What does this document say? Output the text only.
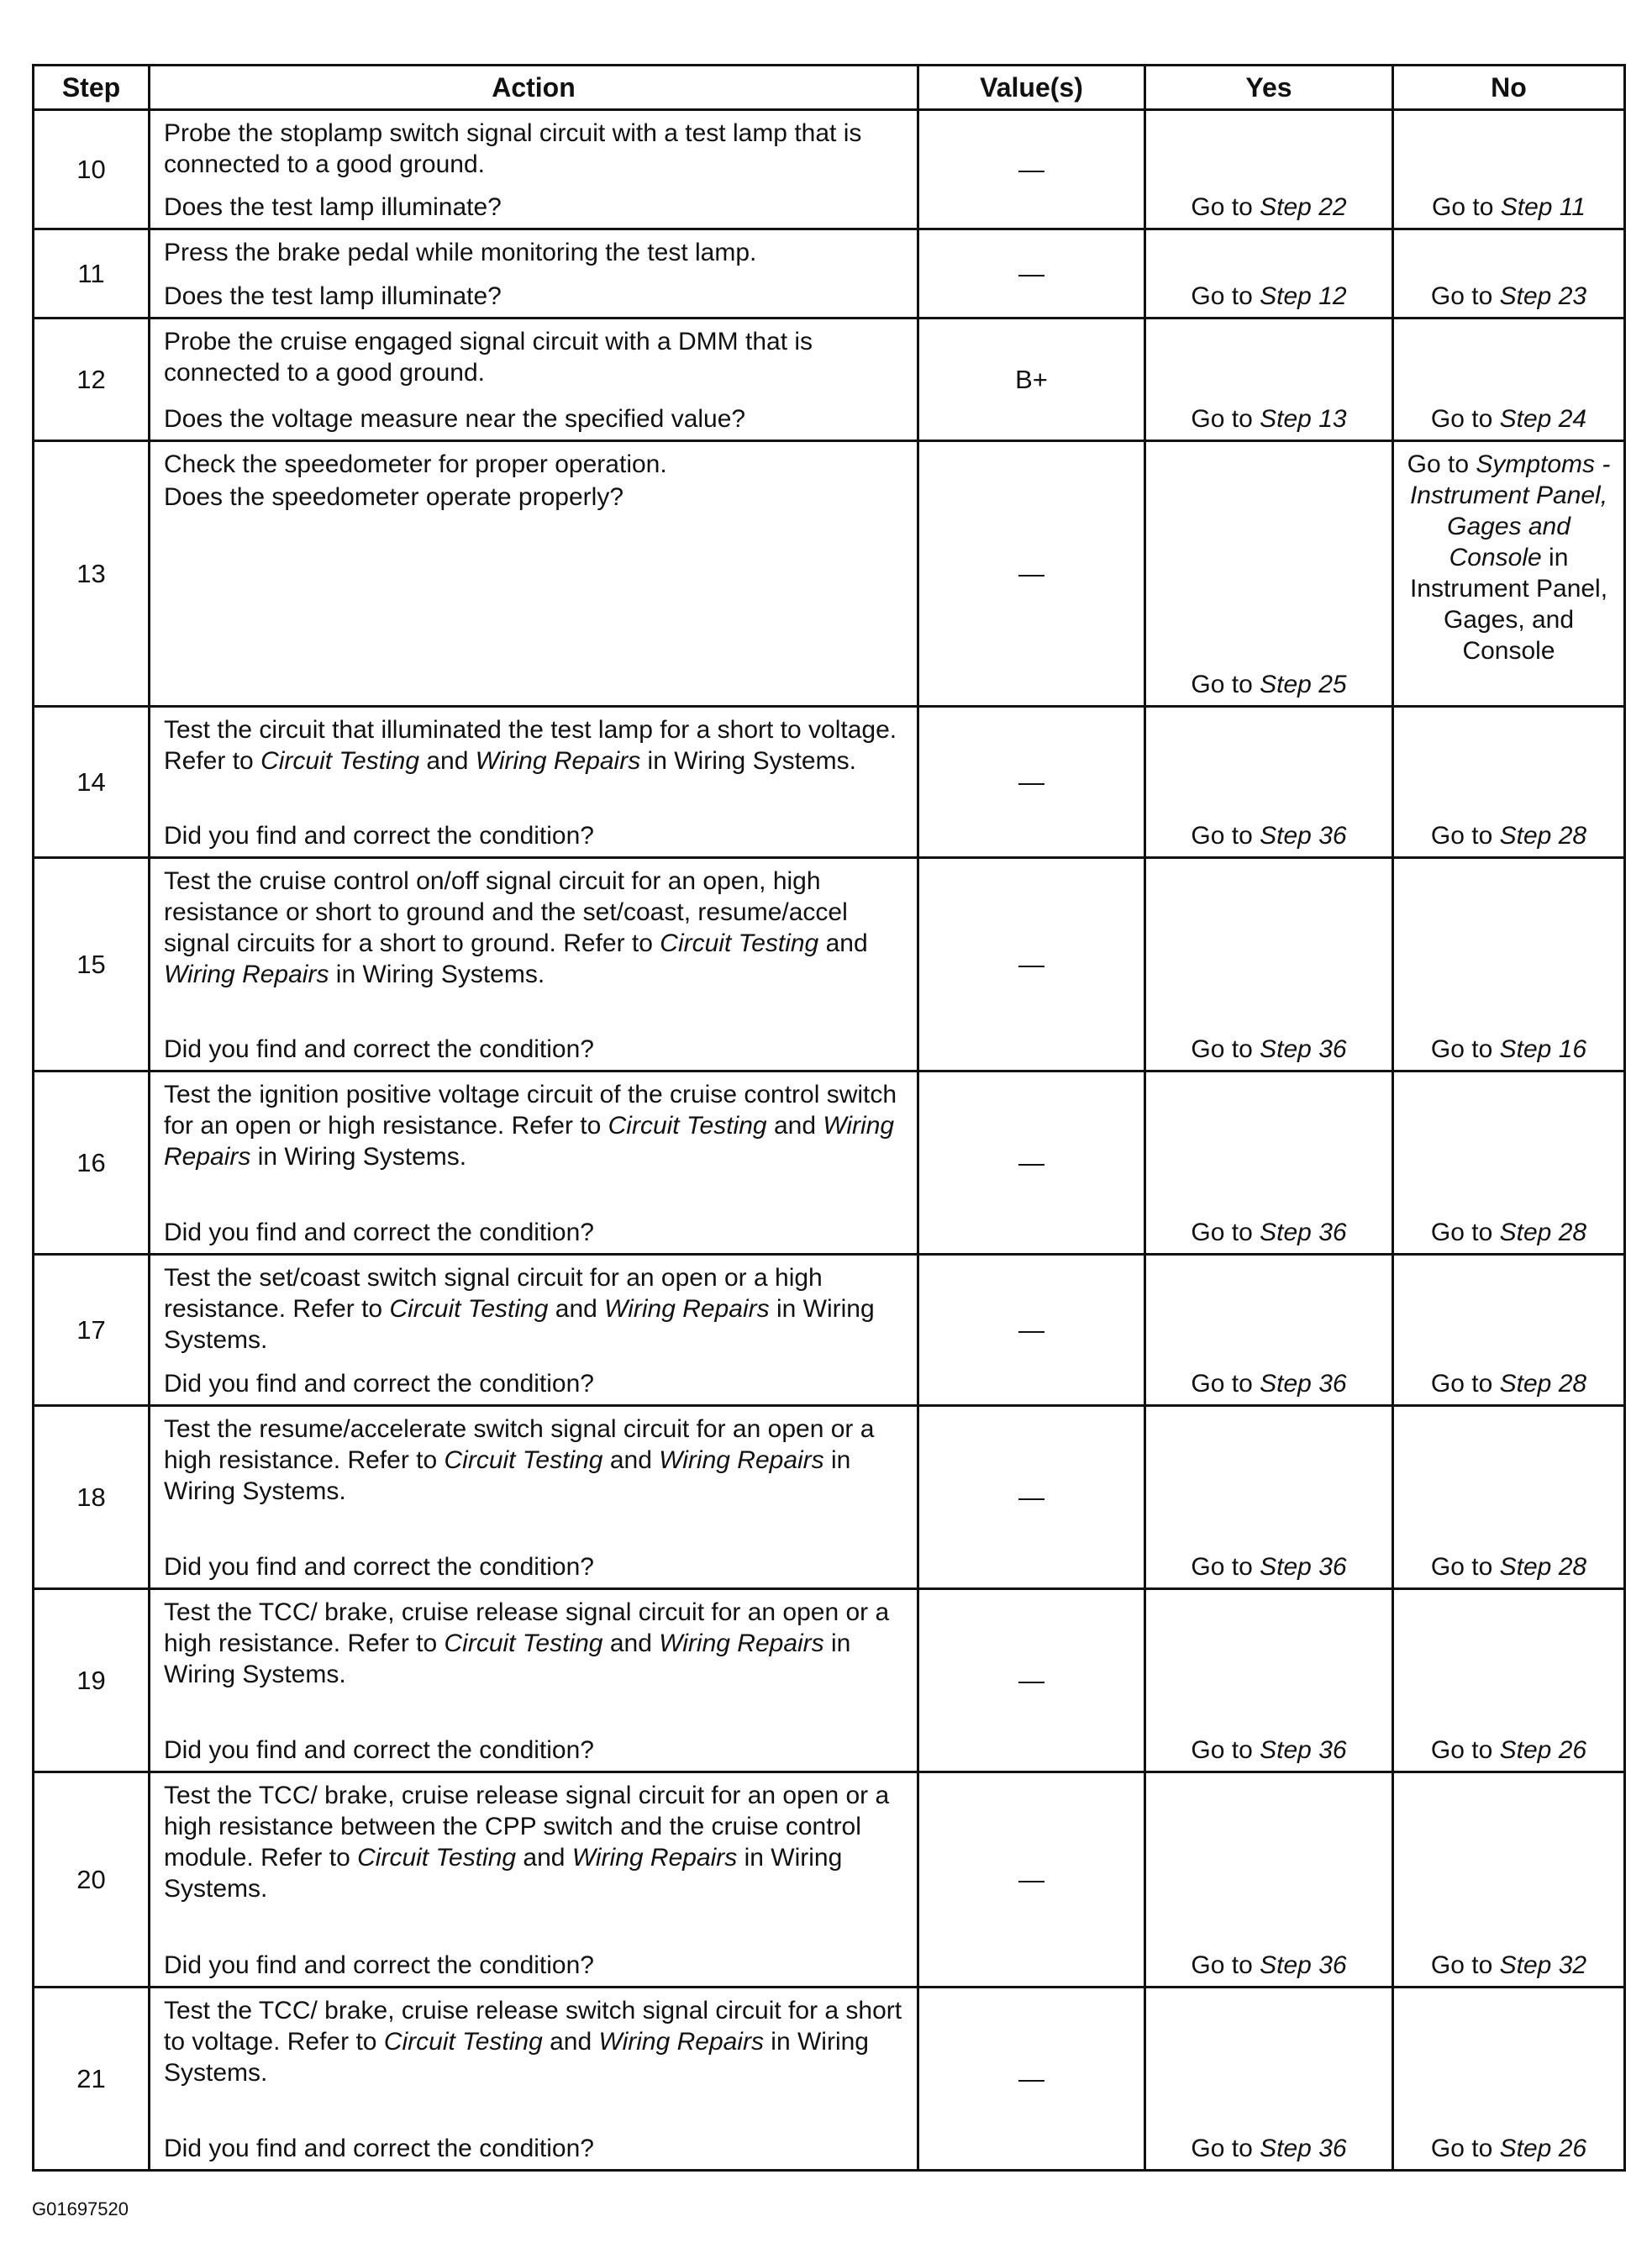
Step	Action	Value(s)	Yes	No
10	Probe the stoplamp switch signal circuit with a test lamp that is connected to a good ground.
Does the test lamp illuminate?	—	Go to Step 22	Go to Step 11
11	Press the brake pedal while monitoring the test lamp.
Does the test lamp illuminate?	—	Go to Step 12	Go to Step 23
12	Probe the cruise engaged signal circuit with a DMM that is connected to a good ground.
Does the voltage measure near the specified value?	B+	Go to Step 13	Go to Step 24
13	Check the speedometer for proper operation.
Does the speedometer operate properly?	—	Go to Step 25	Go to Symptoms - Instrument Panel, Gages and Console in Instrument Panel, Gages, and Console
14	Test the circuit that illuminated the test lamp for a short to voltage. Refer to Circuit Testing and Wiring Repairs in Wiring Systems.
Did you find and correct the condition?	—	Go to Step 36	Go to Step 28
15	Test the cruise control on/off signal circuit for an open, high resistance or short to ground and the set/coast, resume/accel signal circuits for a short to ground. Refer to Circuit Testing and Wiring Repairs in Wiring Systems.
Did you find and correct the condition?	—	Go to Step 36	Go to Step 16
16	Test the ignition positive voltage circuit of the cruise control switch for an open or high resistance. Refer to Circuit Testing and Wiring Repairs in Wiring Systems.
Did you find and correct the condition?	—	Go to Step 36	Go to Step 28
17	Test the set/coast switch signal circuit for an open or a high resistance. Refer to Circuit Testing and Wiring Repairs in Wiring Systems.
Did you find and correct the condition?	—	Go to Step 36	Go to Step 28
18	Test the resume/accelerate switch signal circuit for an open or a high resistance. Refer to Circuit Testing and Wiring Repairs in Wiring Systems.
Did you find and correct the condition?	—	Go to Step 36	Go to Step 28
19	Test the TCC/ brake, cruise release signal circuit for an open or a high resistance. Refer to Circuit Testing and Wiring Repairs in Wiring Systems.
Did you find and correct the condition?	—	Go to Step 36	Go to Step 26
20	Test the TCC/ brake, cruise release signal circuit for an open or a high resistance between the CPP switch and the cruise control module. Refer to Circuit Testing and Wiring Repairs in Wiring Systems.
Did you find and correct the condition?	—	Go to Step 36	Go to Step 32
21	Test the TCC/ brake, cruise release switch signal circuit for a short to voltage. Refer to Circuit Testing and Wiring Repairs in Wiring Systems.
Did you find and correct the condition?	—	Go to Step 36	Go to Step 26
G01697520
